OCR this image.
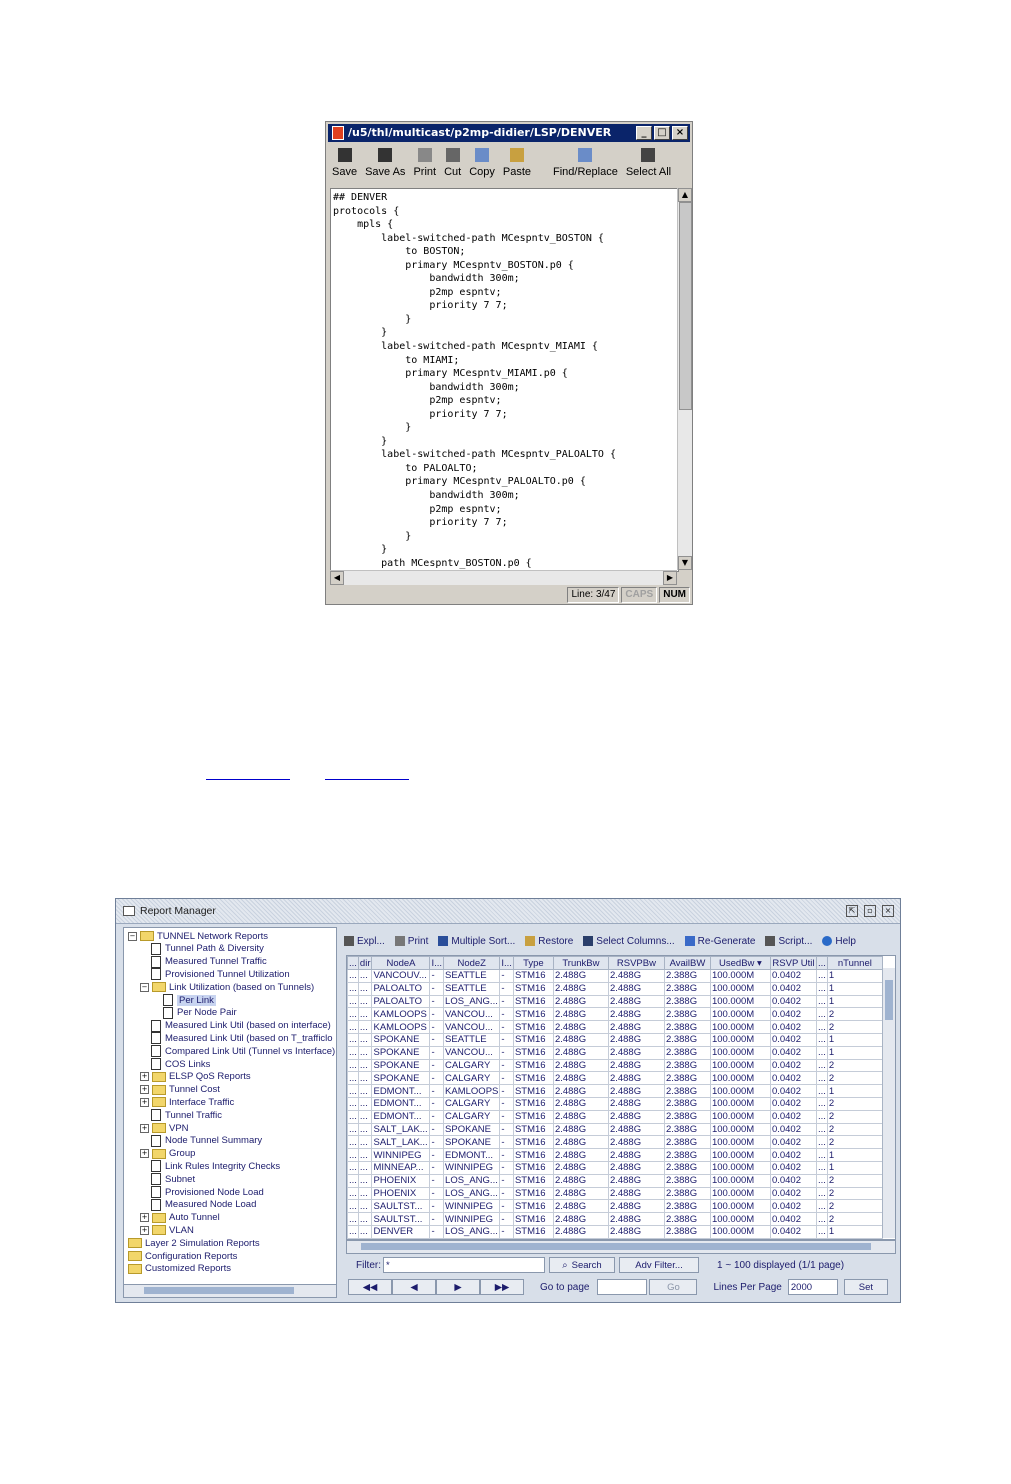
/u5/thl/multicast/p2mp-didier/LSP/DENVER	_	□ ×
Save Save As Print Cut Copy Paste Find/Replace Select All
## DENVER
protocols {
mpls {
label-switched-path MCespntv_BOSTON {
to BOSTON;
primary MCespntv_BOSTON.p0 {
bandwidth 300m;
p2mp espntv;
priority 7 7;
}
}
label-switched-path MCespntv_MIAMI {
to MIAMI;
primary MCespntv_MIAMI.p0 {
bandwidth 300m;
p2mp espntv;
priority 7 7;
}
}
label-switched-path MCespntv_PALOALTO {
to PALOALTO;
primary MCespntv_PALOALTO.p0 {
bandwidth 300m;
p2mp espntv;
priority 7 7;
}
}
path MCespntv_BOSTON.p0 {
▲
▼
◀	▶
Line: 3/47	CAPS	NUM
Report Manager	⇱	▫	×
− TUNNEL Network Reports
Tunnel Path & Diversity
Measured Tunnel Traffic
Provisioned Tunnel Utilization
− Link Utilization (based on Tunnels)
Per Link
Per Node Pair
Measured Link Util (based on interface)
Measured Link Util (based on T_trafficlo
Compared Link Util (Tunnel vs Interface)
COS Links
+ ELSP QoS Reports
+ Tunnel Cost
+ Interface Traffic
Tunnel Traffic
+ VPN
Node Tunnel Summary
+ Group
Link Rules Integrity Checks
Subnet
Provisioned Node Load
Measured Node Load
+ Auto Tunnel
+ VLAN
Layer 2 Simulation Reports
Configuration Reports
Customized Reports
Expl... Print Multiple Sort... Restore Select Columns... Re-Generate Script... Help
...	dir	NodeA	I...	NodeZ	I...	Type	TrunkBw	RSVPBw	AvailBW	UsedBw ▾	RSVP Util	...	nTunnel
...	...	VANCOUV...	-	SEATTLE	-	STM16	2.488G	2.488G	2.388G	100.000M	0.0402	...	1
...	...	PALOALTO	-	SEATTLE	-	STM16	2.488G	2.488G	2.388G	100.000M	0.0402	...	1
...	...	PALOALTO	-	LOS_ANG...	-	STM16	2.488G	2.488G	2.388G	100.000M	0.0402	...	1
...	...	KAMLOOPS	-	VANCOU...	-	STM16	2.488G	2.488G	2.388G	100.000M	0.0402	...	2
...	...	KAMLOOPS	-	VANCOU...	-	STM16	2.488G	2.488G	2.388G	100.000M	0.0402	...	2
...	...	SPOKANE	-	SEATTLE	-	STM16	2.488G	2.488G	2.388G	100.000M	0.0402	...	1
...	...	SPOKANE	-	VANCOU...	-	STM16	2.488G	2.488G	2.388G	100.000M	0.0402	...	1
...	...	SPOKANE	-	CALGARY	-	STM16	2.488G	2.488G	2.388G	100.000M	0.0402	...	2
...	...	SPOKANE	-	CALGARY	-	STM16	2.488G	2.488G	2.388G	100.000M	0.0402	...	2
...	...	EDMONT...	-	KAMLOOPS	-	STM16	2.488G	2.488G	2.388G	100.000M	0.0402	...	1
...	...	EDMONT...	-	CALGARY	-	STM16	2.488G	2.488G	2.388G	100.000M	0.0402	...	2
...	...	EDMONT...	-	CALGARY	-	STM16	2.488G	2.488G	2.388G	100.000M	0.0402	...	2
...	...	SALT_LAK...	-	SPOKANE	-	STM16	2.488G	2.488G	2.388G	100.000M	0.0402	...	2
...	...	SALT_LAK...	-	SPOKANE	-	STM16	2.488G	2.488G	2.388G	100.000M	0.0402	...	2
...	...	WINNIPEG	-	EDMONT...	-	STM16	2.488G	2.488G	2.388G	100.000M	0.0402	...	1
...	...	MINNEAP...	-	WINNIPEG	-	STM16	2.488G	2.488G	2.388G	100.000M	0.0402	...	1
...	...	PHOENIX	-	LOS_ANG...	-	STM16	2.488G	2.488G	2.388G	100.000M	0.0402	...	2
...	...	PHOENIX	-	LOS_ANG...	-	STM16	2.488G	2.488G	2.388G	100.000M	0.0402	...	2
...	...	SAULTST...	-	WINNIPEG	-	STM16	2.488G	2.488G	2.388G	100.000M	0.0402	...	2
...	...	SAULTST...	-	WINNIPEG	-	STM16	2.488G	2.488G	2.388G	100.000M	0.0402	...	2
...	...	DENVER	-	LOS_ANG...	-	STM16	2.488G	2.488G	2.388G	100.000M	0.0402	...	1
Filter:
*	⌕ Search	Adv Filter...	1 ~ 100 displayed (1/1 page)
◀◀	◀	▶	▶▶	Go to page	Go	Lines Per Page
2000	Set
